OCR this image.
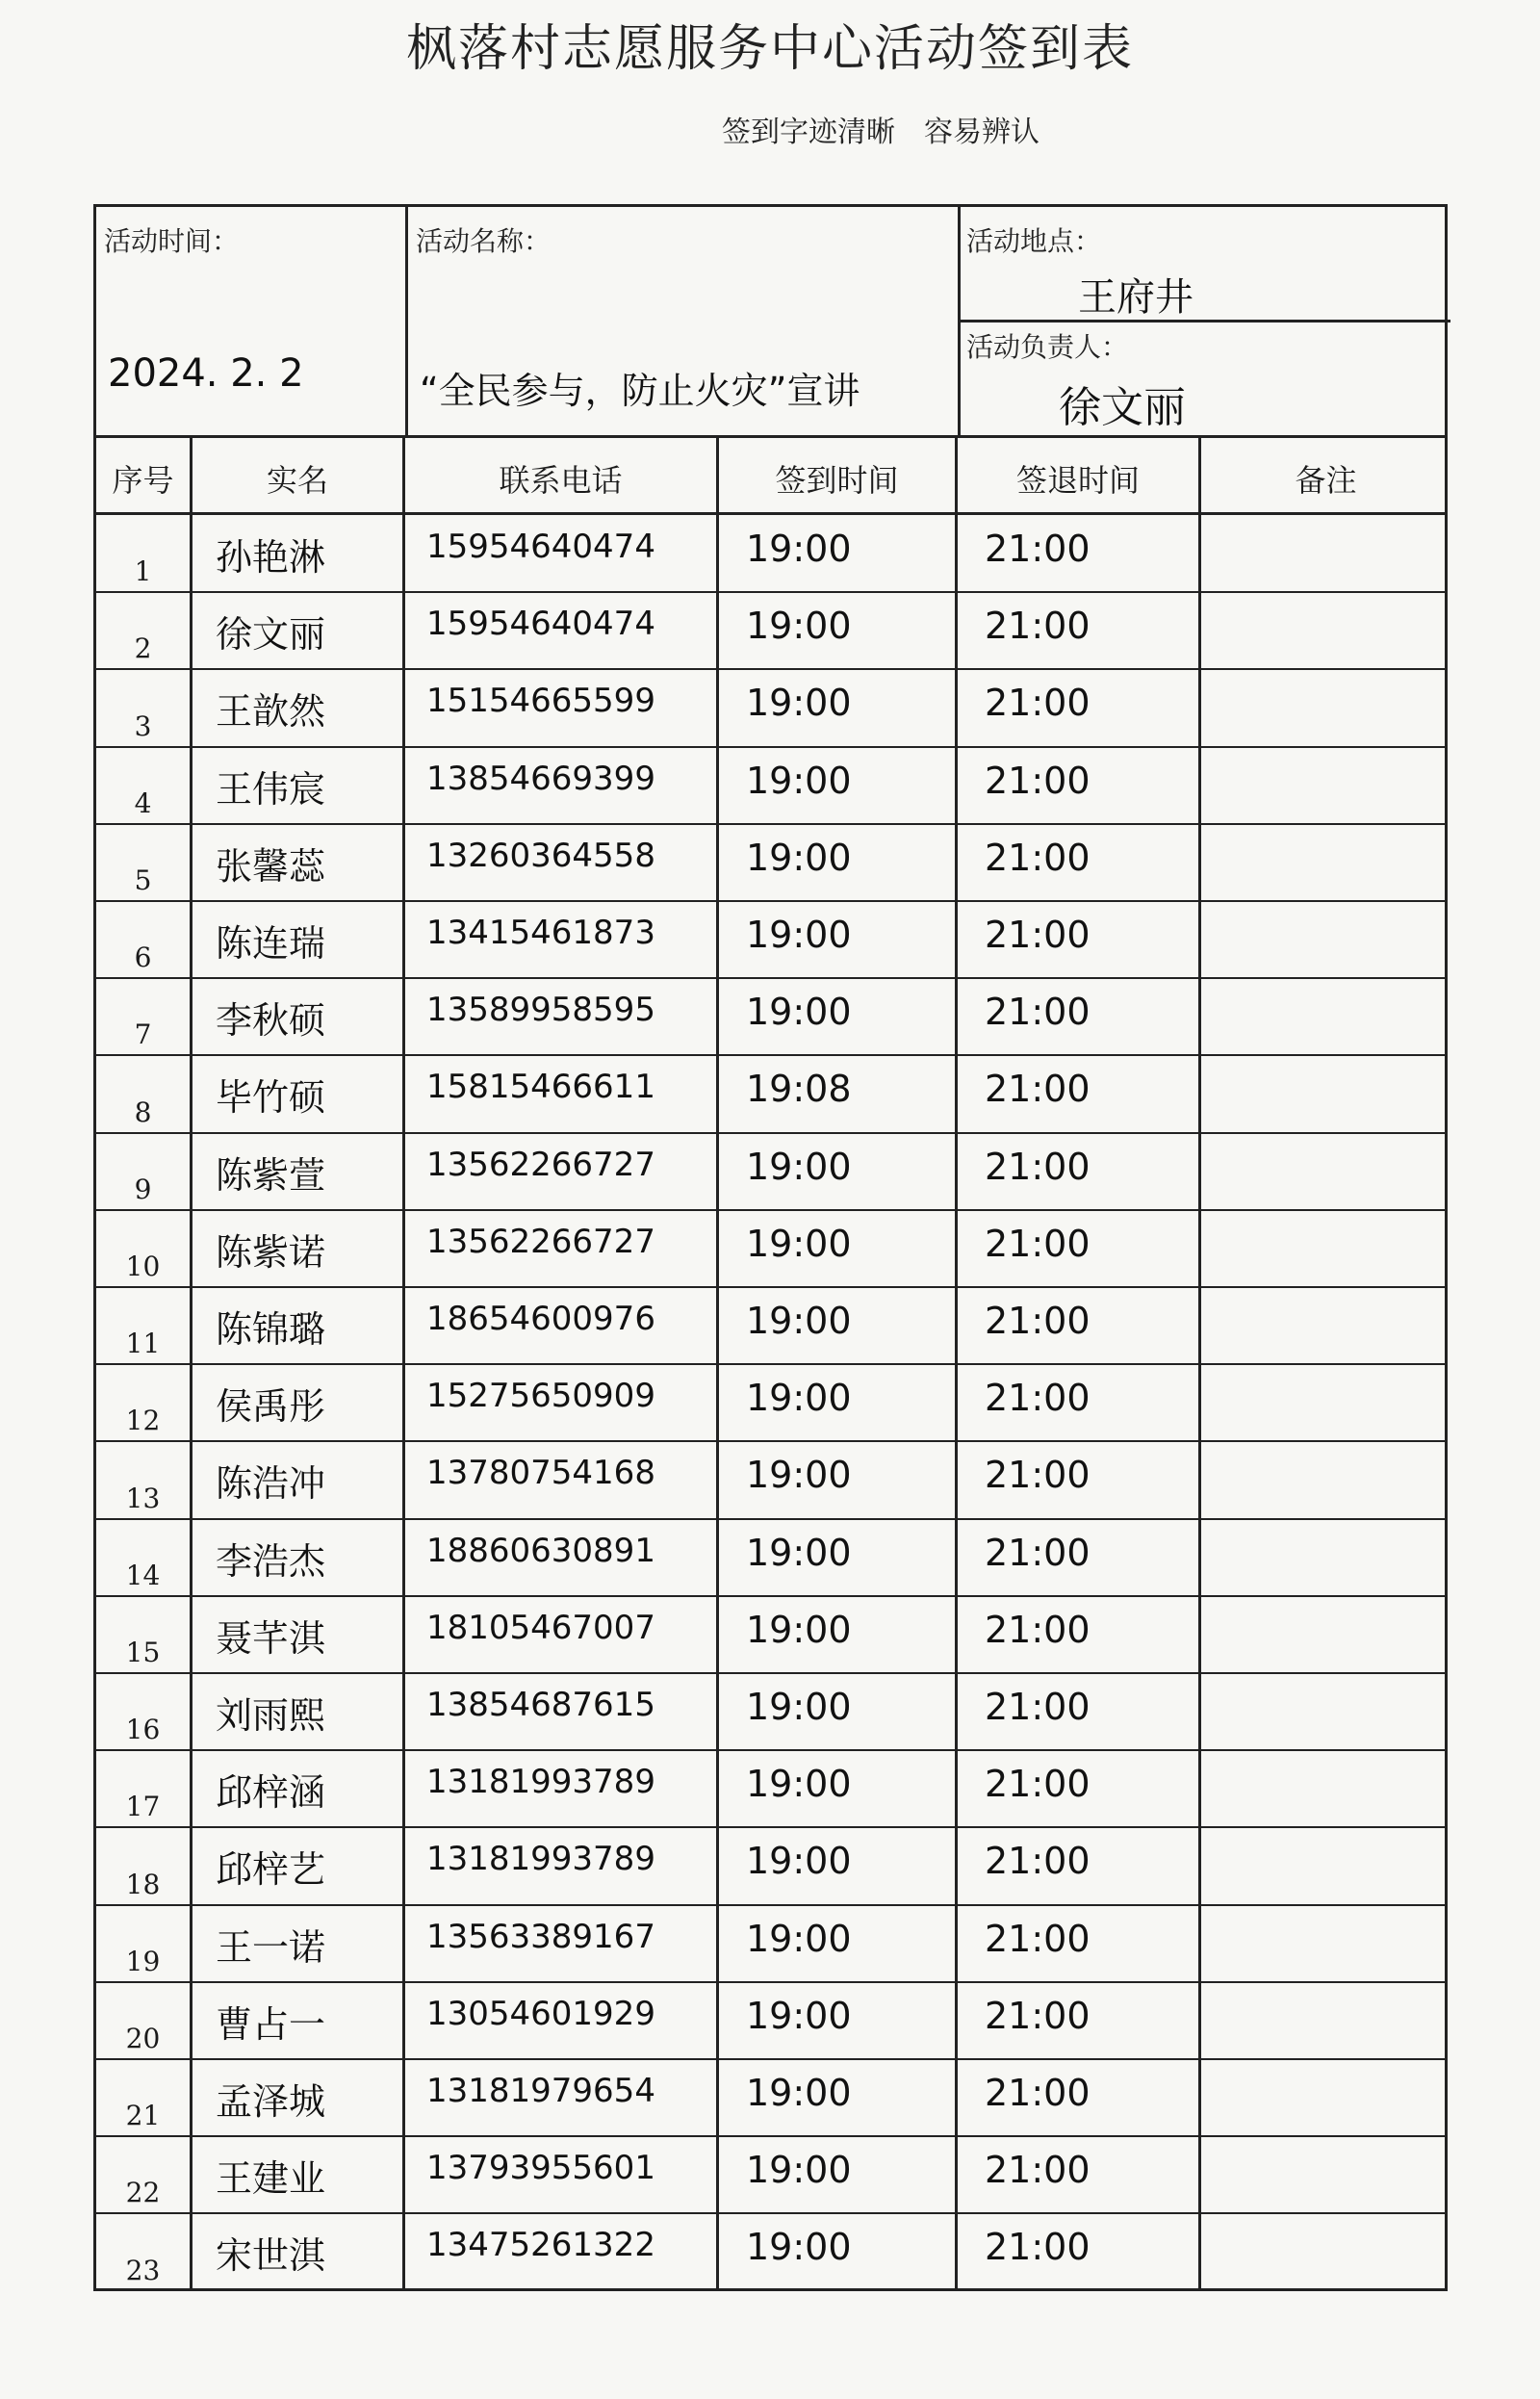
枫落村志愿服务中心活动签到表
签到字迹清晰　容易辨认
活动时间：
2024. 2. 2
活动名称：
“全民参与，防止火灾”宣讲
活动地点：
王府井
活动负责人：
徐文丽
序号	实名	联系电话	签到时间	签退时间	备注
1	孙艳淋	15954640474 19:00	21:00
2	徐文丽	15954640474 19:00	21:00
3	王歆然	15154665599 19:00	21:00
4	王伟宸	13854669399 19:00	21:00
5	张馨蕊	13260364558 19:00	21:00
6	陈连瑞	13415461873 19:00	21:00
7	李秋硕	13589958595 19:00	21:00
8	毕竹硕	15815466611 19:08	21:00
9	陈紫萱	13562266727 19:00	21:00
10	陈紫诺	13562266727 19:00	21:00
11	陈锦璐	18654600976 19:00	21:00
12	侯禹彤	15275650909 19:00	21:00
13	陈浩冲	13780754168 19:00	21:00
14	李浩杰	18860630891 19:00	21:00
15	聂芊淇	18105467007 19:00	21:00
16	刘雨熙	13854687615 19:00	21:00
17	邱梓涵	13181993789 19:00	21:00
18	邱梓艺	13181993789 19:00	21:00
19	王一诺	13563389167 19:00	21:00
20	曹占一	13054601929 19:00	21:00
21	孟泽城	13181979654 19:00	21:00
22	王建业	13793955601 19:00	21:00
23	宋世淇	13475261322 19:00	21:00
